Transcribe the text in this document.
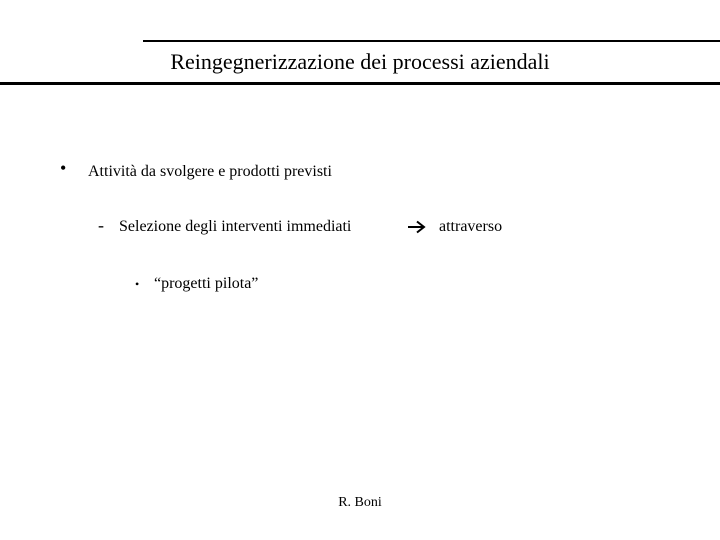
Reingegnerizzazione dei processi aziendali
• Attività da svolgere e prodotti previsti
- Selezione degli interventi immediati	attraverso
• “progetti pilota”
R. Boni
